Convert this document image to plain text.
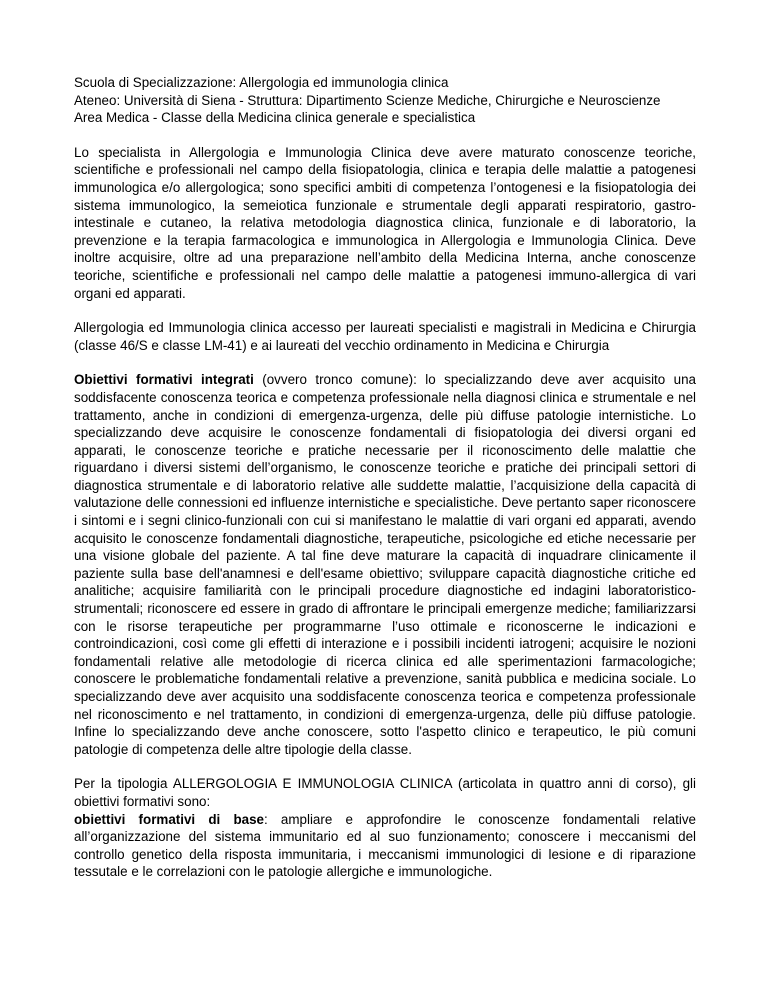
Scuola di Specializzazione: Allergologia ed immunologia clinica
Ateneo: Università di Siena - Struttura: Dipartimento Scienze Mediche, Chirurgiche e Neuroscienze
Area Medica - Classe della Medicina clinica generale e specialistica

Lo specialista in Allergologia e Immunologia Clinica deve avere maturato conoscenze teoriche, scientifiche e professionali nel campo della fisiopatologia, clinica e terapia delle malattie a patogenesi immunologica e/o allergologica; sono specifici ambiti di competenza l’ontogenesi e la fisiopatologia dei sistema immunologico, la semeiotica funzionale e strumentale degli apparati respiratorio, gastro-intestinale e cutaneo, la relativa metodologia diagnostica clinica, funzionale e di laboratorio, la prevenzione e la terapia farmacologica e immunologica in Allergologia e Immunologia Clinica. Deve inoltre acquisire, oltre ad una preparazione nell’ambito della Medicina Interna, anche conoscenze teoriche, scientifiche e professionali nel campo delle malattie a patogenesi immuno-allergica di vari organi ed apparati.

Allergologia ed Immunologia clinica accesso per laureati specialisti e magistrali in Medicina e Chirurgia (classe 46/S e classe LM-41) e ai laureati del vecchio ordinamento in Medicina e Chirurgia

Obiettivi formativi integrati (ovvero tronco comune): lo specializzando deve aver acquisito una soddisfacente conoscenza teorica e competenza professionale nella diagnosi clinica e strumentale e nel trattamento, anche in condizioni di emergenza-urgenza, delle più diffuse patologie internistiche. Lo specializzando deve acquisire le conoscenze fondamentali di fisiopatologia dei diversi organi ed apparati, le conoscenze teoriche e pratiche necessarie per il riconoscimento delle malattie che riguardano i diversi sistemi dell’organismo, le conoscenze teoriche e pratiche dei principali settori di diagnostica strumentale e di laboratorio relative alle suddette malattie, l’acquisizione della capacità di valutazione delle connessioni ed influenze internistiche e specialistiche. Deve pertanto saper riconoscere i sintomi e i segni clinico-funzionali con cui si manifestano le malattie di vari organi ed apparati, avendo acquisito le conoscenze fondamentali diagnostiche, terapeutiche, psicologiche ed etiche necessarie per una visione globale del paziente. A tal fine deve maturare la capacità di inquadrare clinicamente il paziente sulla base dell'anamnesi e dell'esame obiettivo; sviluppare capacità diagnostiche critiche ed analitiche; acquisire familiarità con le principali procedure diagnostiche ed indagini laboratoristico-strumentali; riconoscere ed essere in grado di affrontare le principali emergenze mediche; familiarizzarsi con le risorse terapeutiche per programmarne l’uso ottimale e riconoscerne le indicazioni e controindicazioni, così come gli effetti di interazione e i possibili incidenti iatrogeni; acquisire le nozioni fondamentali relative alle metodologie di ricerca clinica ed alle sperimentazioni farmacologiche; conoscere le problematiche fondamentali relative a prevenzione, sanità pubblica e medicina sociale. Lo specializzando deve aver acquisito una soddisfacente conoscenza teorica e competenza professionale nel riconoscimento e nel trattamento, in condizioni di emergenza-urgenza, delle più diffuse patologie. Infine lo specializzando deve anche conoscere, sotto l'aspetto clinico e terapeutico, le più comuni patologie di competenza delle altre tipologie della classe.

Per la tipologia ALLERGOLOGIA E IMMUNOLOGIA CLINICA (articolata in quattro anni di corso), gli obiettivi formativi sono:
obiettivi formativi di base: ampliare e approfondire le conoscenze fondamentali relative all’organizzazione del sistema immunitario ed al suo funzionamento; conoscere i meccanismi del controllo genetico della risposta immunitaria, i meccanismi immunologici di lesione e di riparazione tessutale e le correlazioni con le patologie allergiche e immunologiche.
